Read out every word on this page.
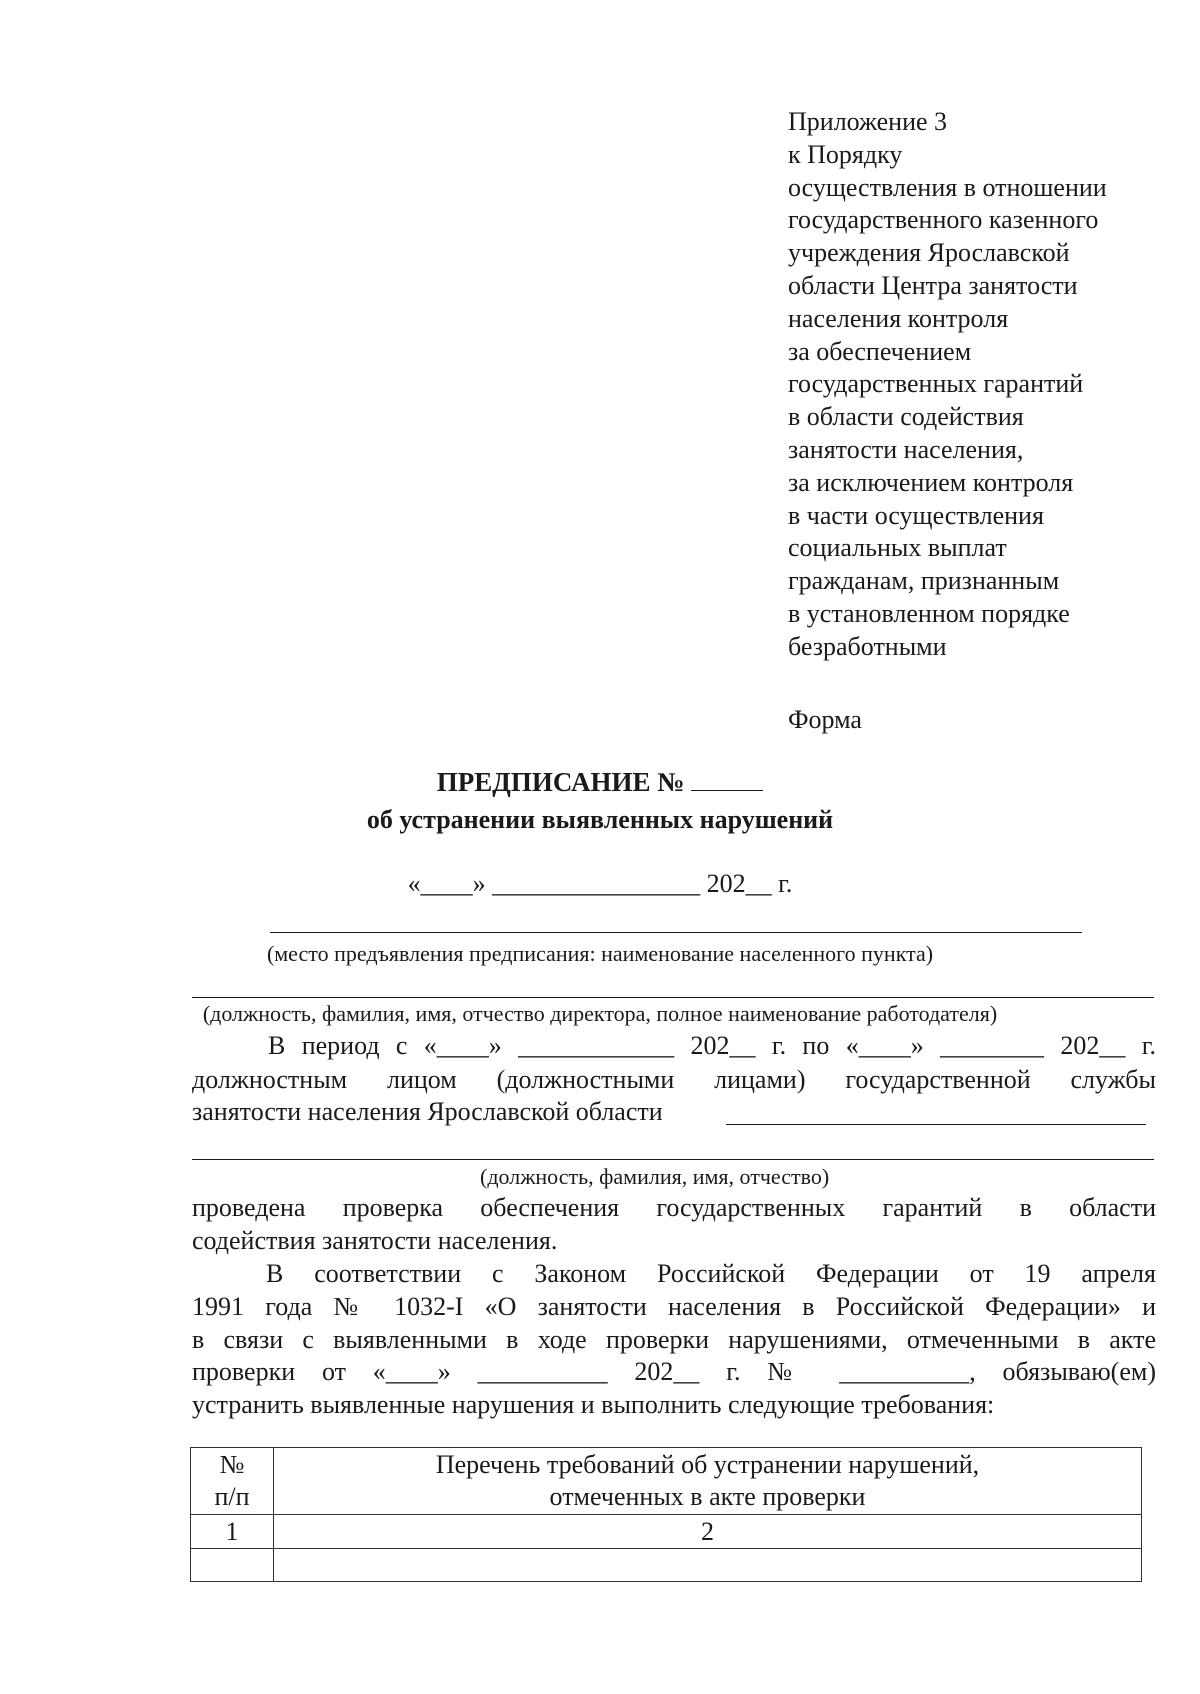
Приложение 3
к Порядку
осуществления в отношении
государственного казенного
учреждения Ярославской
области Центра занятости
населения контроля
за обеспечением
государственных гарантий
в области содействия
занятости населения,
за исключением контроля
в части осуществления
социальных выплат
гражданам, признанным
в установленном порядке
безработными
Форма
ПРЕДПИСАНИЕ №
об устранении выявленных нарушений
«____» ________________ 202__ г.
(место предъявления предписания: наименование населенного пункта)
(должность, фамилия, имя, отчество директора, полное наименование работодателя)
В период с «____» ____________ 202__ г. по «____» ________ 202__ г.
должностным лицом (должностными лицами) государственной службы
занятости населения Ярославской области
(должность, фамилия, имя, отчество)
проведена проверка обеспечения государственных гарантий в области
содействия занятости населения.
В соответствии с Законом Российской Федерации от 19 апреля
1991 года № 1032-I «О занятости населения в Российской Федерации» и
в связи с выявленными в ходе проверки нарушениями, отмеченными в акте
проверки от «____» __________ 202__ г. № __________, обязываю(ем)
устранить выявленные нарушения и выполнить следующие требования:
№ п/п	Перечень требований об устранении нарушений,
отмеченных в акте проверки

1	2
